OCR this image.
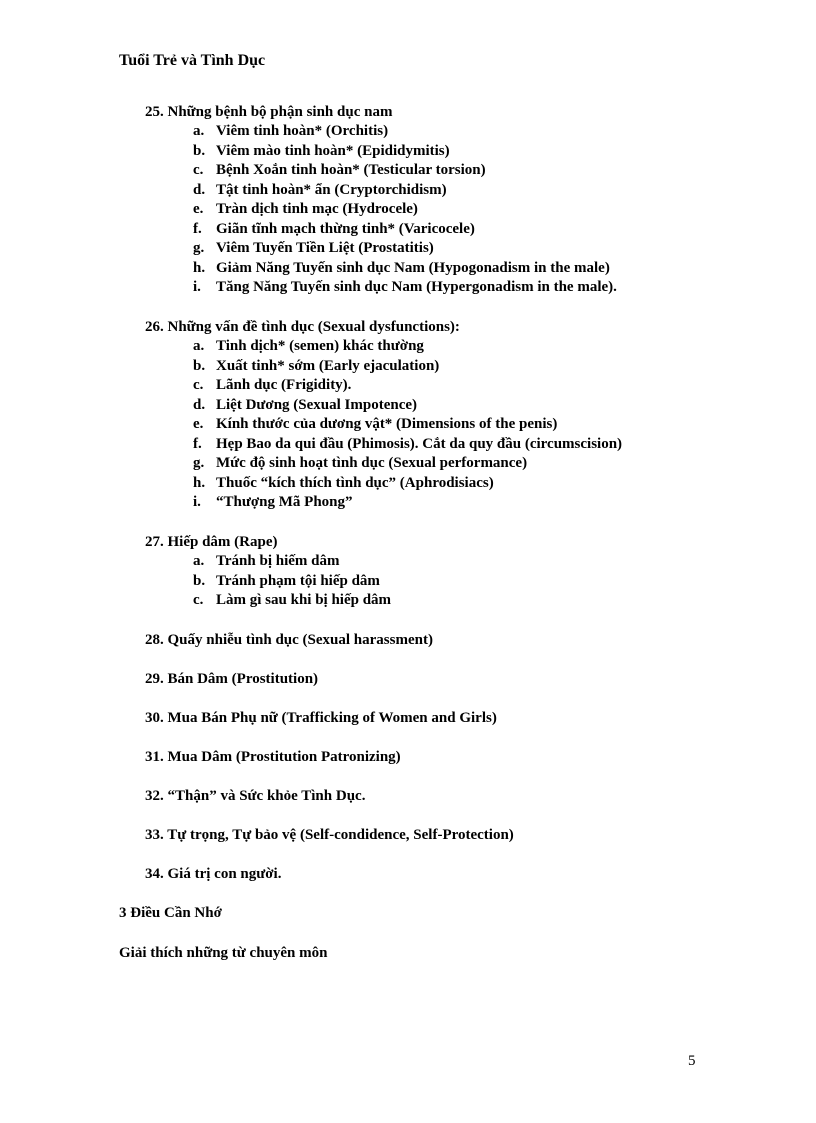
Tuổi Trẻ và Tình Dục
25. Những bệnh bộ phận sinh dục nam
a. Viêm tinh hoàn* (Orchitis)
b. Viêm mào tinh hoàn* (Epididymitis)
c. Bệnh Xoắn tinh hoàn* (Testicular torsion)
d. Tật tinh hoàn* ẩn (Cryptorchidism)
e. Tràn dịch tinh mạc (Hydrocele)
f. Giãn tĩnh mạch thừng tinh* (Varicocele)
g. Viêm Tuyến Tiền Liệt (Prostatitis)
h. Giảm Năng Tuyến sinh dục Nam (Hypogonadism in the male)
i. Tăng Năng Tuyến sinh dục Nam (Hypergonadism in the male).
26. Những vấn đề tình dục (Sexual dysfunctions):
a. Tinh dịch* (semen) khác thường
b. Xuất tinh* sớm (Early ejaculation)
c. Lãnh dục (Frigidity).
d. Liệt Dương (Sexual Impotence)
e. Kính thước của dương vật* (Dimensions of the penis)
f. Hẹp Bao da qui đầu (Phimosis). Cắt da quy đầu (circumscision)
g. Mức độ sinh hoạt tình dục (Sexual performance)
h. Thuốc “kích thích tình dục” (Aphrodisiacs)
i. “Thượng Mã Phong”
27. Hiếp dâm (Rape)
a. Tránh bị hiếm dâm
b. Tránh phạm tội hiếp dâm
c. Làm gì sau khi bị hiếp dâm
28. Quấy nhiễu tình dục (Sexual harassment)
29. Bán Dâm (Prostitution)
30. Mua Bán Phụ nữ (Trafficking of Women and Girls)
31. Mua Dâm (Prostitution Patronizing)
32. “Thận” và Sức khỏe Tình Dục.
33. Tự trọng, Tự bảo vệ (Self-condidence, Self-Protection)
34. Giá trị con người.
3 Điều Cần Nhớ
Giải thích những từ chuyên môn
5
